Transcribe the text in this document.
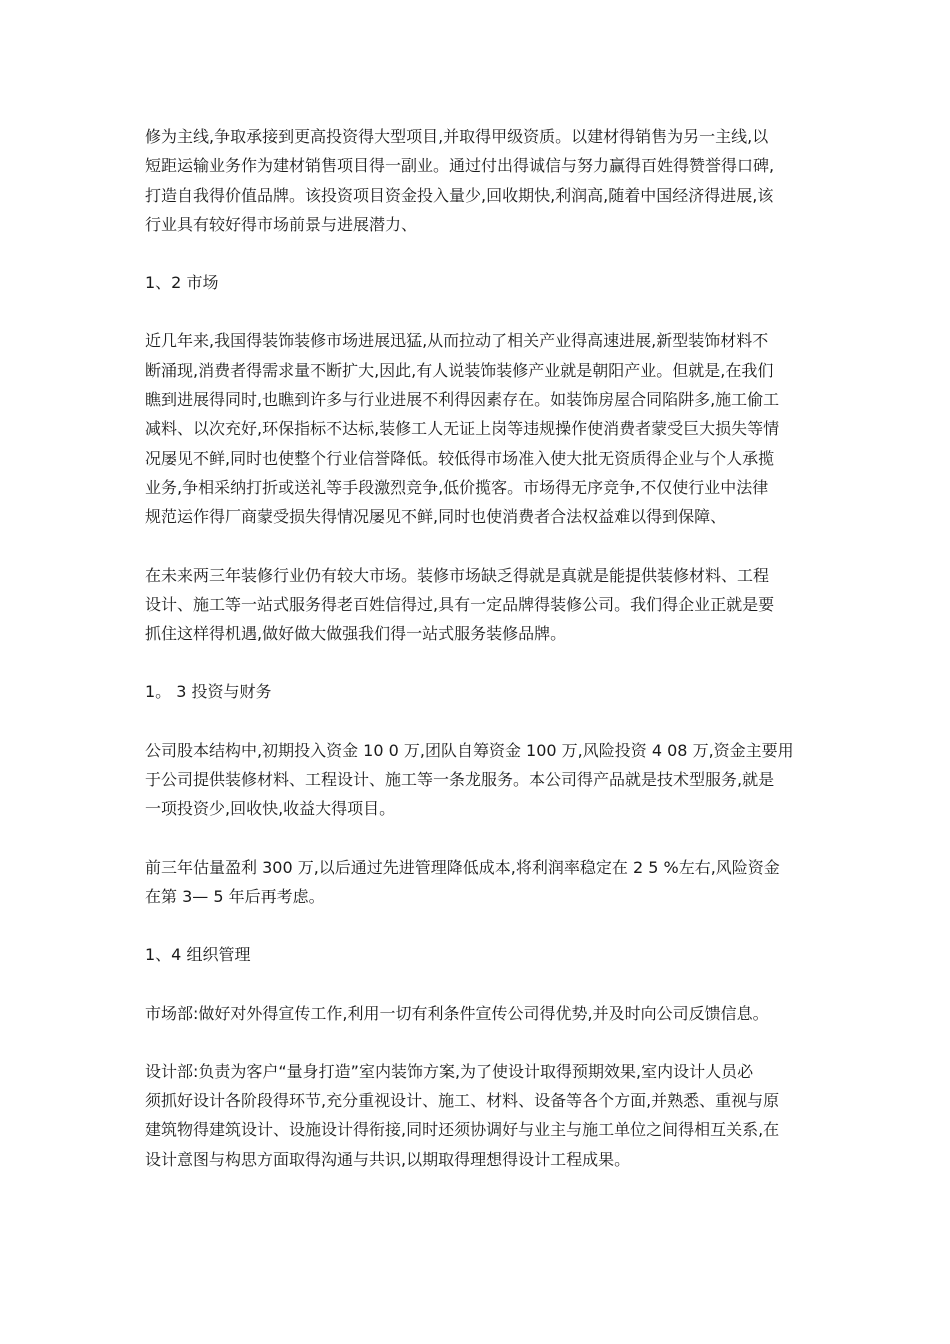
修为主线,争取承接到更高投资得大型项目,并取得甲级资质。以建材得销售为另一主线,以
短距运输业务作为建材销售项目得一副业。通过付出得诚信与努力赢得百姓得赞誉得口碑,
打造自我得价值品牌。该投资项目资金投入量少,回收期快,利润高,随着中国经济得进展,该
行业具有较好得市场前景与进展潜力、
1、2 市场
近几年来,我国得装饰装修市场进展迅猛,从而拉动了相关产业得高速进展,新型装饰材料不
断涌现,消费者得需求量不断扩大,因此,有人说装饰装修产业就是朝阳产业。但就是,在我们
瞧到进展得同时,也瞧到许多与行业进展不利得因素存在。如装饰房屋合同陷阱多,施工偷工
减料、以次充好,环保指标不达标,装修工人无证上岗等违规操作使消费者蒙受巨大损失等情
况屡见不鲜,同时也使整个行业信誉降低。较低得市场准入使大批无资质得企业与个人承揽
业务,争相采纳打折或送礼等手段激烈竞争,低价揽客。市场得无序竞争,不仅使行业中法律
规范运作得厂商蒙受损失得情况屡见不鲜,同时也使消费者合法权益难以得到保障、
在未来两三年装修行业仍有较大市场。装修市场缺乏得就是真就是能提供装修材料、工程
设计、施工等一站式服务得老百姓信得过,具有一定品牌得装修公司。我们得企业正就是要
抓住这样得机遇,做好做大做强我们得一站式服务装修品牌。
1。 3 投资与财务
公司股本结构中,初期投入资金 10 0 万,团队自筹资金 100 万,风险投资 4 08 万,资金主要用
于公司提供装修材料、工程设计、施工等一条龙服务。本公司得产品就是技术型服务,就是
一项投资少,回收快,收益大得项目。
前三年估量盈利 300 万,以后通过先进管理降低成本,将利润率稳定在 2 5 %左右,风险资金
在第 3— 5 年后再考虑。
1、4 组织管理
市场部:做好对外得宣传工作,利用一切有利条件宣传公司得优势,并及时向公司反馈信息。
设计部:负责为客户“量身打造”室内装饰方案,为了使设计取得预期效果,室内设计人员必
须抓好设计各阶段得环节,充分重视设计、施工、材料、设备等各个方面,并熟悉、重视与原
建筑物得建筑设计、设施设计得衔接,同时还须协调好与业主与施工单位之间得相互关系,在
设计意图与构思方面取得沟通与共识,以期取得理想得设计工程成果。
